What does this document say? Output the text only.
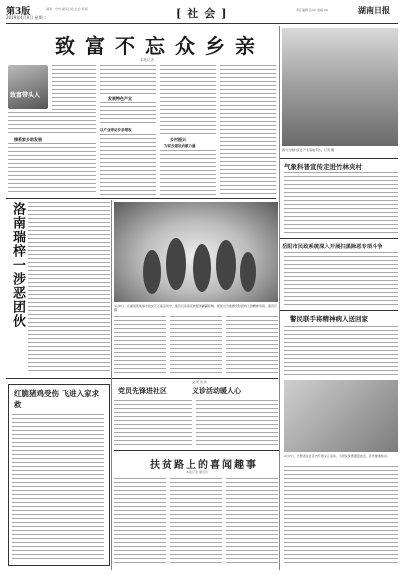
第3版
2019年4月9日 星期二
湖南 · 市州 湖南日报 社会 新闻	[社会]	责任编辑 张XX 美编 XX	湖南日报
致富不忘众乡亲
本报记者
致富带头人
情系家乡助发展
发展特色产业
以产业带动乡亲增收
乡村振兴
为家乡建设贡献力量
图为当地村民在产业基地劳作。记者 摄
气象科普宣传走进竹林夹村
岳阳市民政系统深入开展扫黑除恶专项斗争
警民联手将精神病人送回家
洛南瑞梓一涉恶团伙	4月8日，在湖南某地举办的文艺汇演活动中，演员们身着民族服饰翩翩起舞，展现出当地群众积极向上的精神风貌。通讯员 摄
红脆猪鸡受伤 飞进入家求救
党员先锋进社区
文 明 创 建
义诊活动暖人心
4月7日，志愿者在社区内开展义诊活动，为居民免费测量血压，宣传健康知识。
扶贫路上的喜闻趣事
本报记者 通讯员
